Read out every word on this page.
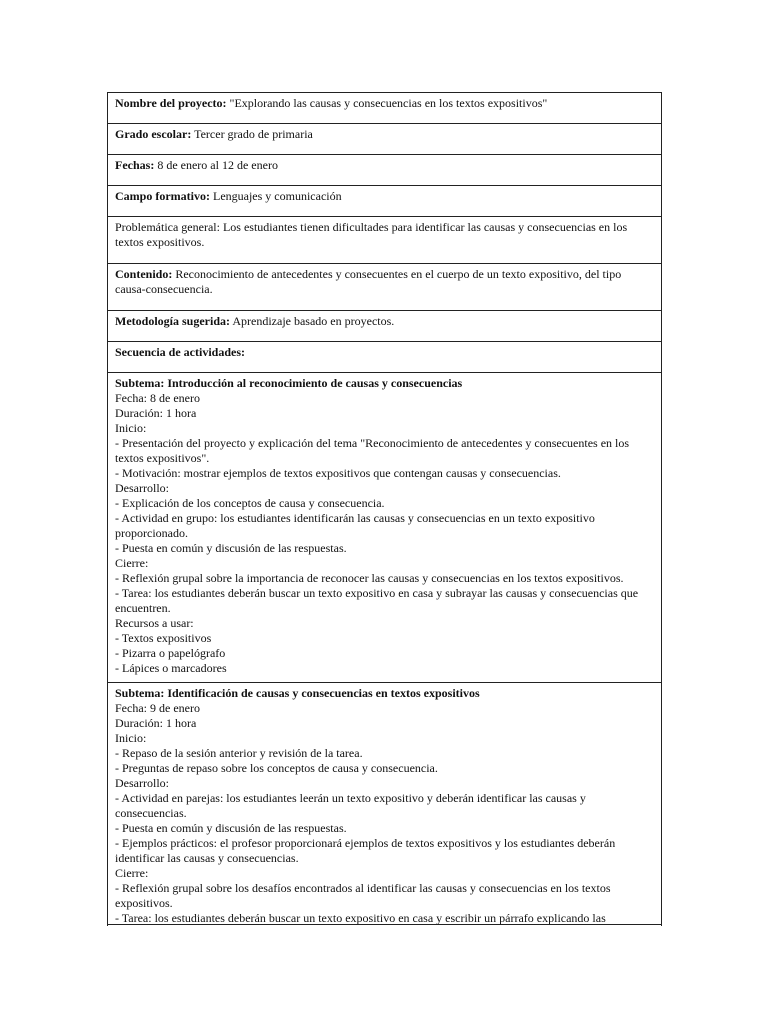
Nombre del proyecto: "Explorando las causas y consecuencias en los textos expositivos"
Grado escolar: Tercer grado de primaria
Fechas: 8 de enero al 12 de enero
Campo formativo: Lenguajes y comunicación
Problemática general: Los estudiantes tienen dificultades para identificar las causas y consecuencias en los textos expositivos.
Contenido: Reconocimiento de antecedentes y consecuentes en el cuerpo de un texto expositivo, del tipo causa-consecuencia.
Metodología sugerida: Aprendizaje basado en proyectos.
Secuencia de actividades:
Subtema: Introducción al reconocimiento de causas y consecuencias
Fecha: 8 de enero
Duración: 1 hora
Inicio:
- Presentación del proyecto y explicación del tema "Reconocimiento de antecedentes y consecuentes en los textos expositivos".
- Motivación: mostrar ejemplos de textos expositivos que contengan causas y consecuencias.
Desarrollo:
- Explicación de los conceptos de causa y consecuencia.
- Actividad en grupo: los estudiantes identificarán las causas y consecuencias en un texto expositivo proporcionado.
- Puesta en común y discusión de las respuestas.
Cierre:
- Reflexión grupal sobre la importancia de reconocer las causas y consecuencias en los textos expositivos.
- Tarea: los estudiantes deberán buscar un texto expositivo en casa y subrayar las causas y consecuencias que encuentren.
Recursos a usar:
- Textos expositivos
- Pizarra o papelógrafo
- Lápices o marcadores
Subtema: Identificación de causas y consecuencias en textos expositivos
Fecha: 9 de enero
Duración: 1 hora
Inicio:
- Repaso de la sesión anterior y revisión de la tarea.
- Preguntas de repaso sobre los conceptos de causa y consecuencia.
Desarrollo:
- Actividad en parejas: los estudiantes leerán un texto expositivo y deberán identificar las causas y consecuencias.
- Puesta en común y discusión de las respuestas.
- Ejemplos prácticos: el profesor proporcionará ejemplos de textos expositivos y los estudiantes deberán identificar las causas y consecuencias.
Cierre:
- Reflexión grupal sobre los desafíos encontrados al identificar las causas y consecuencias en los textos expositivos.
- Tarea: los estudiantes deberán buscar un texto expositivo en casa y escribir un párrafo explicando las
